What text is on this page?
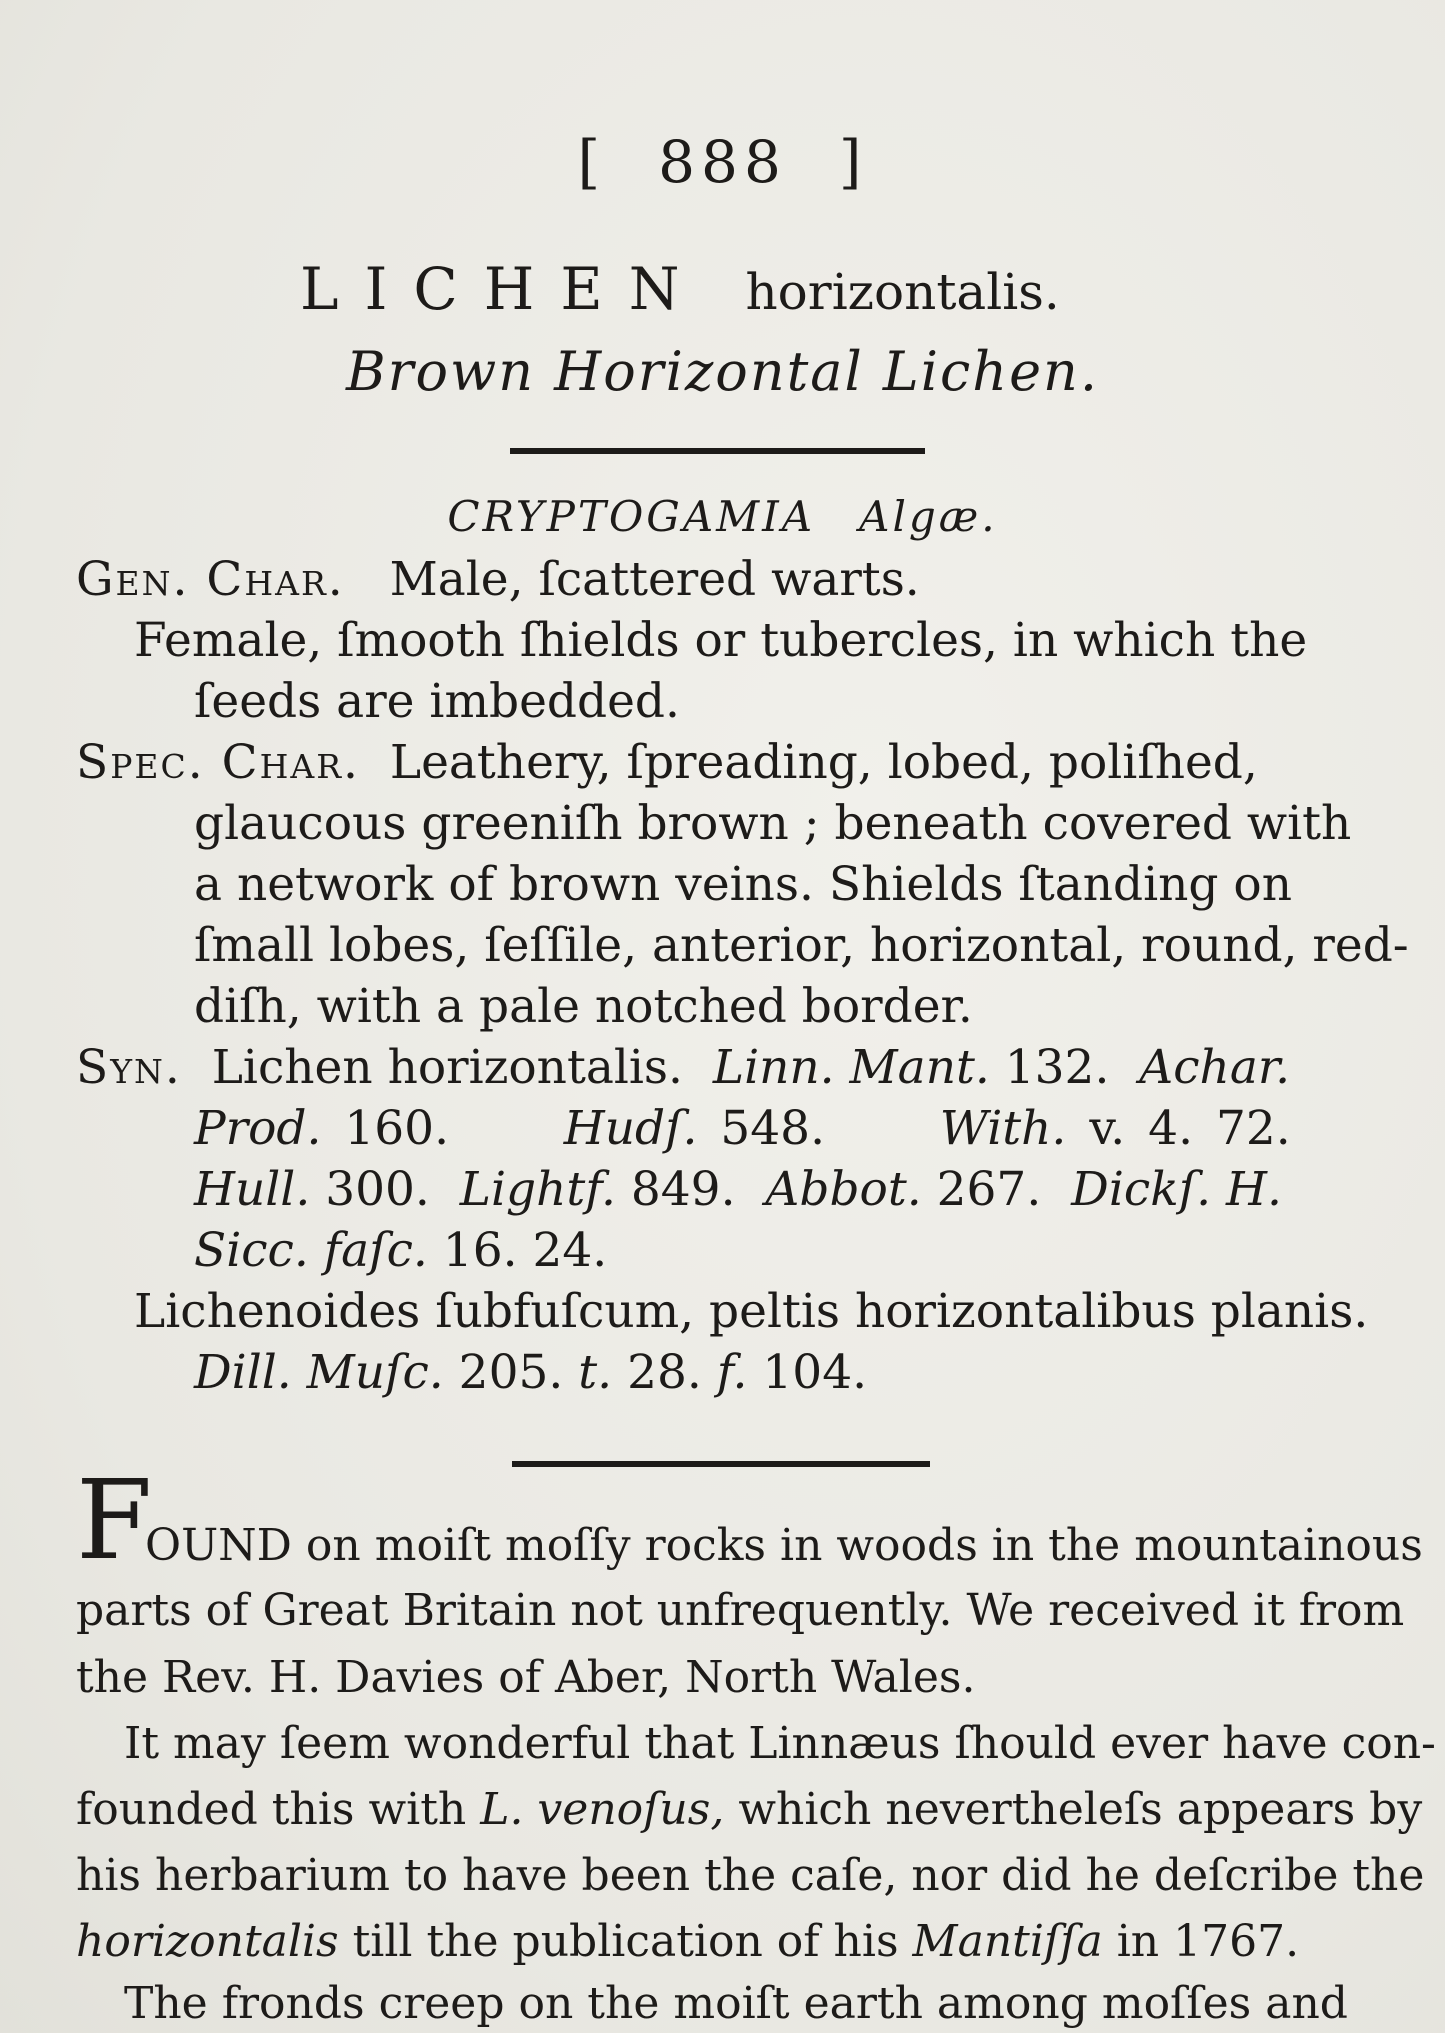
[ 888 ]
LICHEN horizontalis.
Brown Horizontal Lichen.
CRYPTOGAMIA Algæ.
Gen. Char. Male, ſcattered warts.
Female, ſmooth ſhields or tubercles, in which the
ſeeds are imbedded.
Spec. Char. Leathery, ſpreading, lobed, poliſhed,
glaucous greeniſh brown ; beneath covered with
a network of brown veins. Shields ſtanding on
ſmall lobes, ſeſſile, anterior, horizontal, round, red-
diſh, with a pale notched border.
Syn. Lichen horizontalis. Linn. Mant. 132. Achar.
Prod. 160. Hudſ. 548. With. v. 4. 72.
Hull. 300. Lightf. 849. Abbot. 267. Dickſ. H.
Sicc. faſc. 16. 24.
Lichenoides ſubfuſcum, peltis horizontalibus planis.
Dill. Muſc. 205. t. 28. f. 104.
F
OUND on moiſt moſſy rocks in woods in the mountainous
parts of Great Britain not unfrequently. We received it from
the Rev. H. Davies of Aber, North Wales.
It may ſeem wonderful that Linnæus ſhould ever have con-
founded this with L. venoſus, which nevertheleſs appears by
his herbarium to have been the caſe, nor did he deſcribe the
horizontalis till the publication of his Mantiſſa in 1767.
The fronds creep on the moiſt earth among moſſes and
